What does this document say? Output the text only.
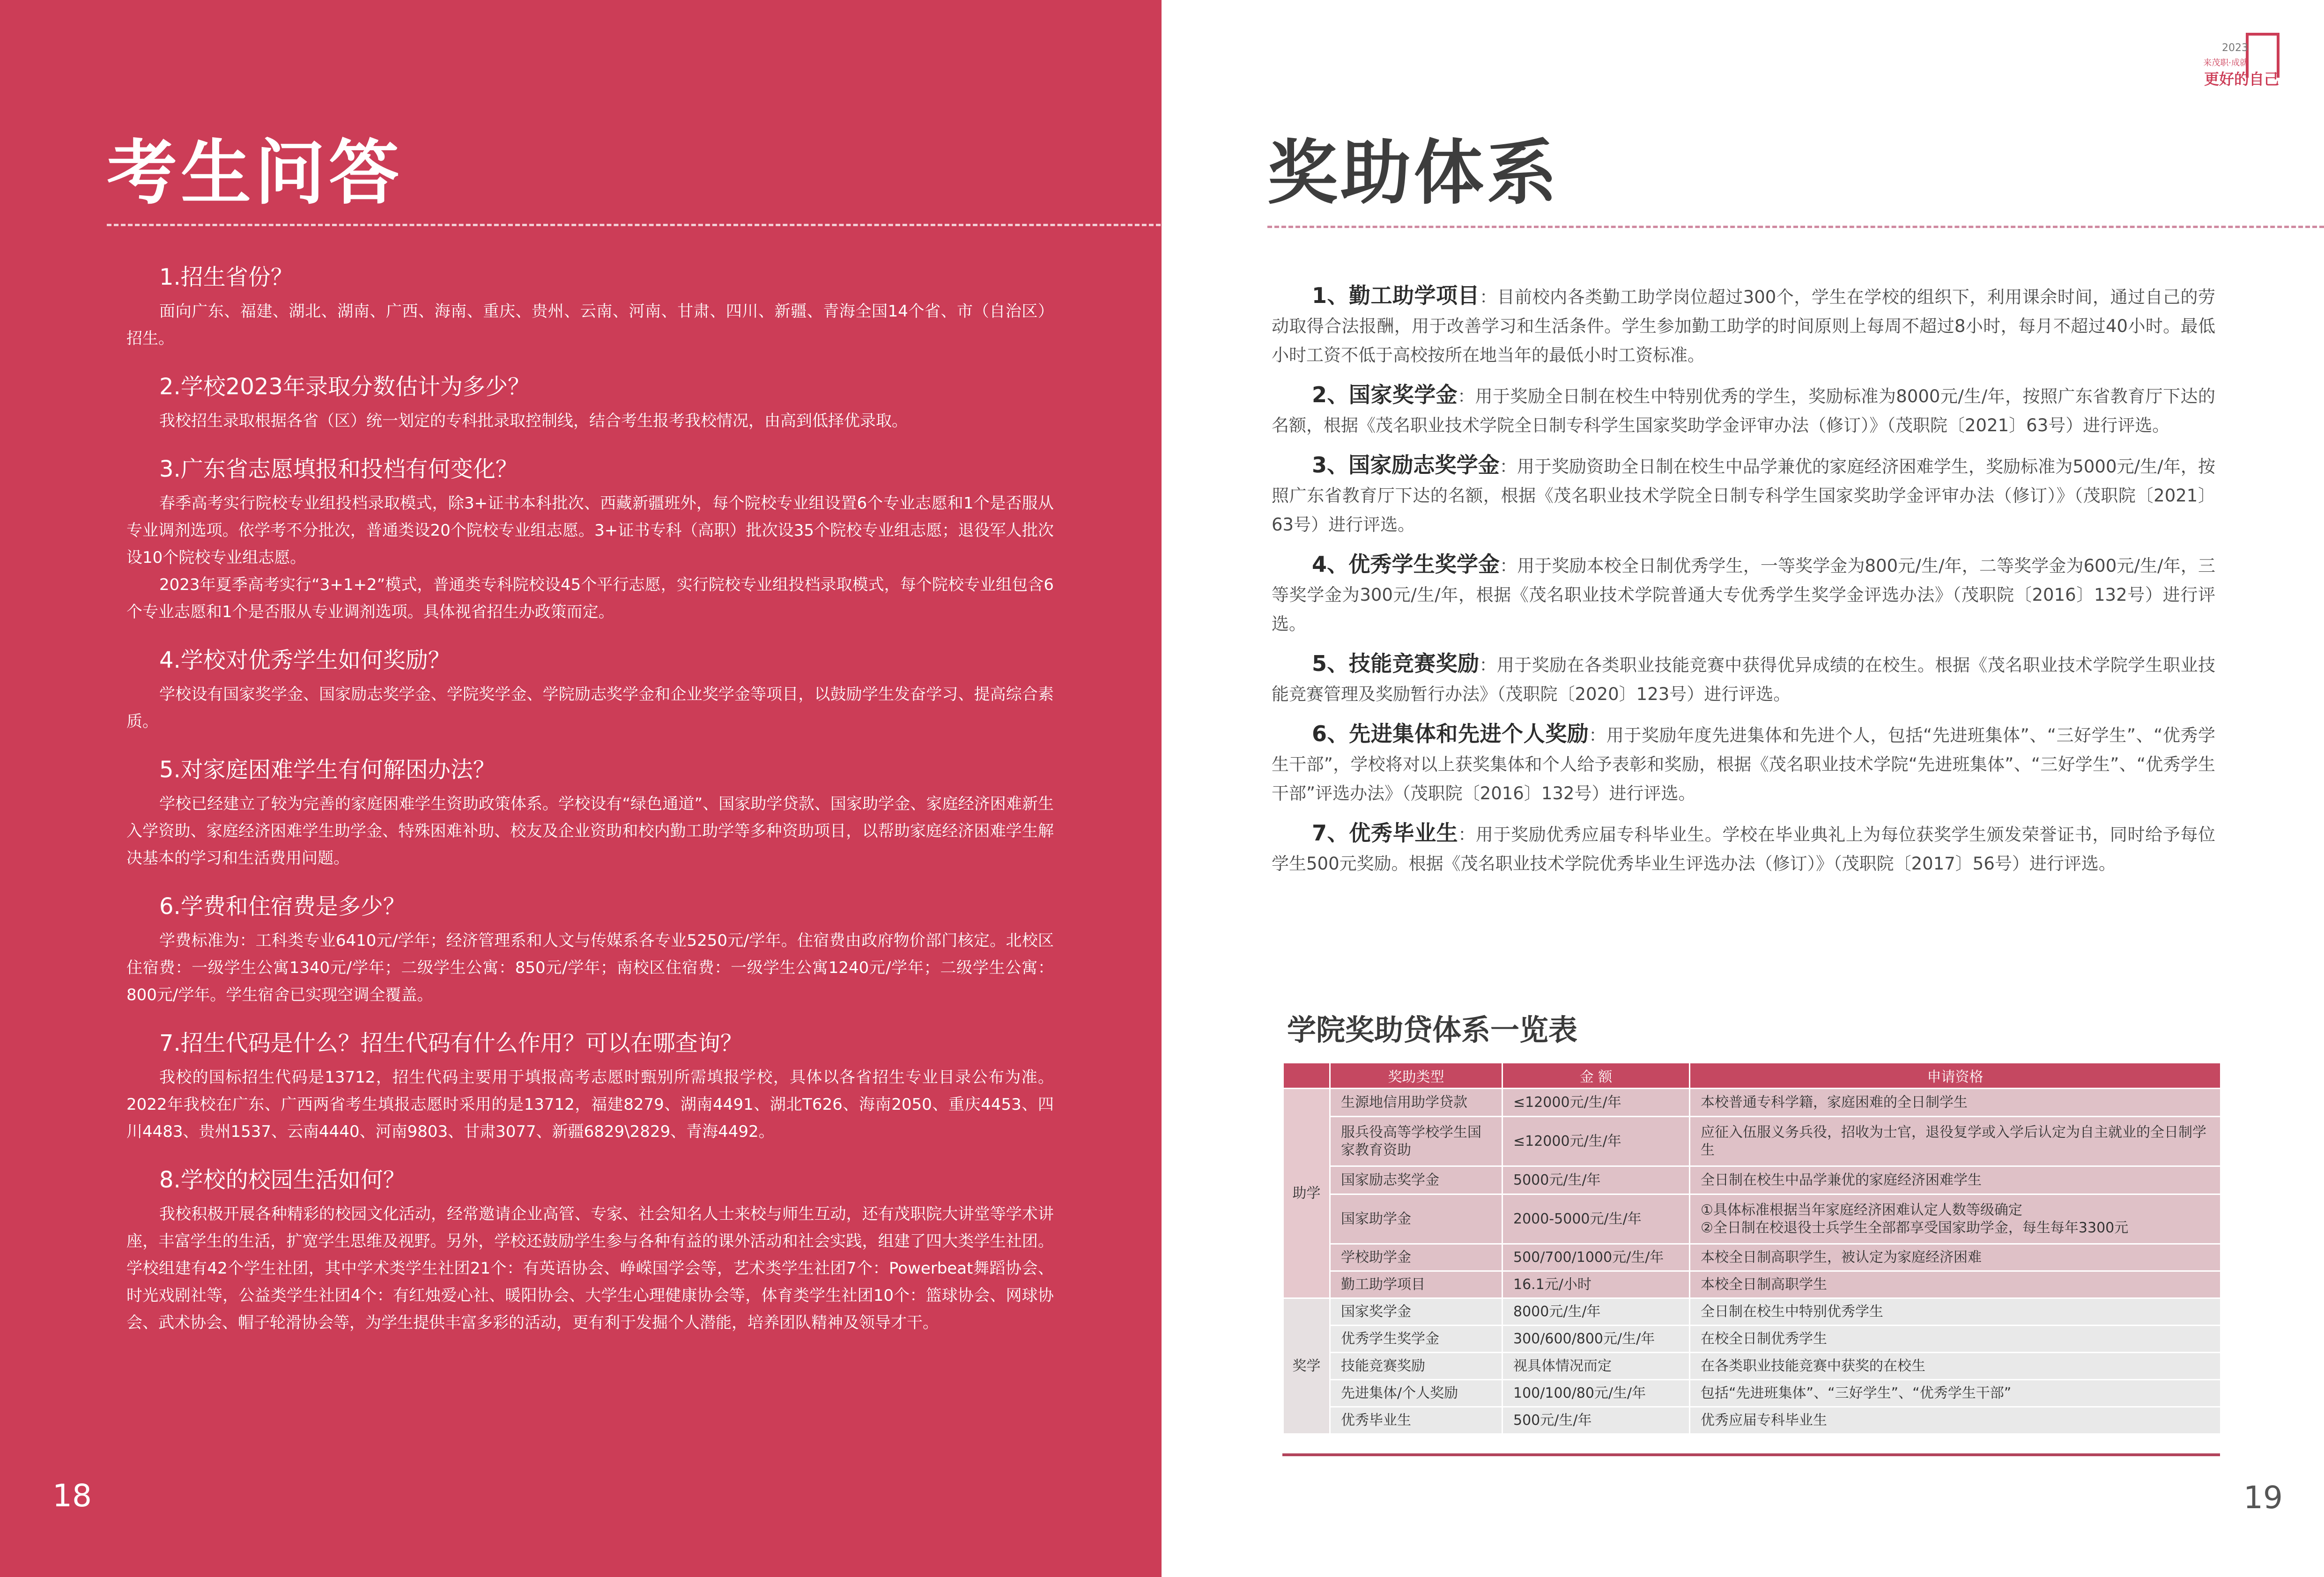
考生问答
1.招生省份？

面向广东、福建、湖北、湖南、广西、海南、重庆、贵州、云南、河南、甘肃、四川、新疆、青海全国14个省、市（自治区）招生。

2.学校2023年录取分数估计为多少？

我校招生录取根据各省（区）统一划定的专科批录取控制线，结合考生报考我校情况，由高到低择优录取。

3.广东省志愿填报和投档有何变化？

春季高考实行院校专业组投档录取模式，除3+证书本科批次、西藏新疆班外，每个院校专业组设置6个专业志愿和1个是否服从专业调剂选项。依学考不分批次，普通类设20个院校专业组志愿。3+证书专科（高职）批次设35个院校专业组志愿；退役军人批次设10个院校专业组志愿。

2023年夏季高考实行“3+1+2”模式，普通类专科院校设45个平行志愿，实行院校专业组投档录取模式，每个院校专业组包含6个专业志愿和1个是否服从专业调剂选项。具体视省招生办政策而定。

4.学校对优秀学生如何奖励？

学校设有国家奖学金、国家励志奖学金、学院奖学金、学院励志奖学金和企业奖学金等项目，以鼓励学生发奋学习、提高综合素质。

5.对家庭困难学生有何解困办法？

学校已经建立了较为完善的家庭困难学生资助政策体系。学校设有“绿色通道”、国家助学贷款、国家助学金、家庭经济困难新生入学资助、家庭经济困难学生助学金、特殊困难补助、校友及企业资助和校内勤工助学等多种资助项目，以帮助家庭经济困难学生解决基本的学习和生活费用问题。

6.学费和住宿费是多少？

学费标准为：工科类专业6410元/学年；经济管理系和人文与传媒系各专业5250元/学年。住宿费由政府物价部门核定。北校区住宿费：一级学生公寓1340元/学年；二级学生公寓：850元/学年；南校区住宿费：一级学生公寓1240元/学年；二级学生公寓：800元/学年。学生宿舍已实现空调全覆盖。

7.招生代码是什么？招生代码有什么作用？可以在哪查询？

我校的国标招生代码是13712，招生代码主要用于填报高考志愿时甄别所需填报学校，具体以各省招生专业目录公布为准。2022年我校在广东、广西两省考生填报志愿时采用的是13712，福建8279、湖南4491、湖北T626、海南2050、重庆4453、四川4483、贵州1537、云南4440、河南9803、甘肃3077、新疆6829\2829、青海4492。

8.学校的校园生活如何？

我校积极开展各种精彩的校园文化活动，经常邀请企业高管、专家、社会知名人士来校与师生互动，还有茂职院大讲堂等学术讲座，丰富学生的生活，扩宽学生思维及视野。另外，学校还鼓励学生参与各种有益的课外活动和社会实践，组建了四大类学生社团。学校组建有42个学生社团，其中学术类学生社团21个：有英语协会、峥嵘国学会等，艺术类学生社团7个：Powerbeat舞蹈协会、时光戏剧社等，公益类学生社团4个：有红烛爱心社、暖阳协会、大学生心理健康协会等，体育类学生社团10个：篮球协会、网球协会、武术协会、帽子轮滑协会等，为学生提供丰富多彩的活动，更有利于发掘个人潜能，培养团队精神及领导才干。

18
奖助体系
2023
来茂职·成就
更好的自己

1、勤工助学项目：目前校内各类勤工助学岗位超过300个，学生在学校的组织下，利用课余时间，通过自己的劳动取得合法报酬，用于改善学习和生活条件。学生参加勤工助学的时间原则上每周不超过8小时，每月不超过40小时。最低小时工资不低于高校按所在地当年的最低小时工资标准。

2、国家奖学金：用于奖励全日制在校生中特别优秀的学生，奖励标准为8000元/生/年，按照广东省教育厅下达的名额，根据《茂名职业技术学院全日制专科学生国家奖助学金评审办法（修订）》（茂职院〔2021〕63号）进行评选。

3、国家励志奖学金：用于奖励资助全日制在校生中品学兼优的家庭经济困难学生，奖励标准为5000元/生/年，按照广东省教育厅下达的名额，根据《茂名职业技术学院全日制专科学生国家奖助学金评审办法（修订）》（茂职院〔2021〕63号）进行评选。

4、优秀学生奖学金：用于奖励本校全日制优秀学生，一等奖学金为800元/生/年，二等奖学金为600元/生/年，三等奖学金为300元/生/年，根据《茂名职业技术学院普通大专优秀学生奖学金评选办法》（茂职院〔2016〕132号）进行评选。

5、技能竞赛奖励：用于奖励在各类职业技能竞赛中获得优异成绩的在校生。根据《茂名职业技术学院学生职业技能竞赛管理及奖励暂行办法》（茂职院〔2020〕123号）进行评选。

6、先进集体和先进个人奖励：用于奖励年度先进集体和先进个人，包括“先进班集体”、“三好学生”、“优秀学生干部”，学校将对以上获奖集体和个人给予表彰和奖励，根据《茂名职业技术学院“先进班集体”、“三好学生”、“优秀学生干部”评选办法》（茂职院〔2016〕132号）进行评选。

7、优秀毕业生：用于奖励优秀应届专科毕业生。学校在毕业典礼上为每位获奖学生颁发荣誉证书，同时给予每位学生500元奖励。根据《茂名职业技术学院优秀毕业生评选办法（修订）》（茂职院〔2017〕56号）进行评选。

学院奖助贷体系一览表
	奖助类型	金 额	申请资格
助学	生源地信用助学贷款	≤12000元/生/年	本校普通专科学籍，家庭困难的全日制学生
	服兵役高等学校学生国家教育资助	≤12000元/生/年	应征入伍服义务兵役，招收为士官，退役复学或入学后认定为自主就业的全日制学生
	国家励志奖学金	5000元/生/年	全日制在校生中品学兼优的家庭经济困难学生
	国家助学金	2000-5000元/生/年	①具体标准根据当年家庭经济困难认定人数等级确定
②全日制在校退役士兵学生全部都享受国家助学金，每生每年3300元

	学校助学金	500/700/1000元/生/年	本校全日制高职学生，被认定为家庭经济困难
	勤工助学项目	16.1元/小时	本校全日制高职学生

奖学	国家奖学金	8000元/生/年	全日制在校生中特别优秀学生
	优秀学生奖学金	300/600/800元/生/年	在校全日制优秀学生
	技能竞赛奖励	视具体情况而定	在各类职业技能竞赛中获奖的在校生
	先进集体/个人奖励	100/100/80元/生/年	包括“先进班集体”、“三好学生”、“优秀学生干部”
	优秀毕业生	500元/生/年	优秀应届专科毕业生
19
